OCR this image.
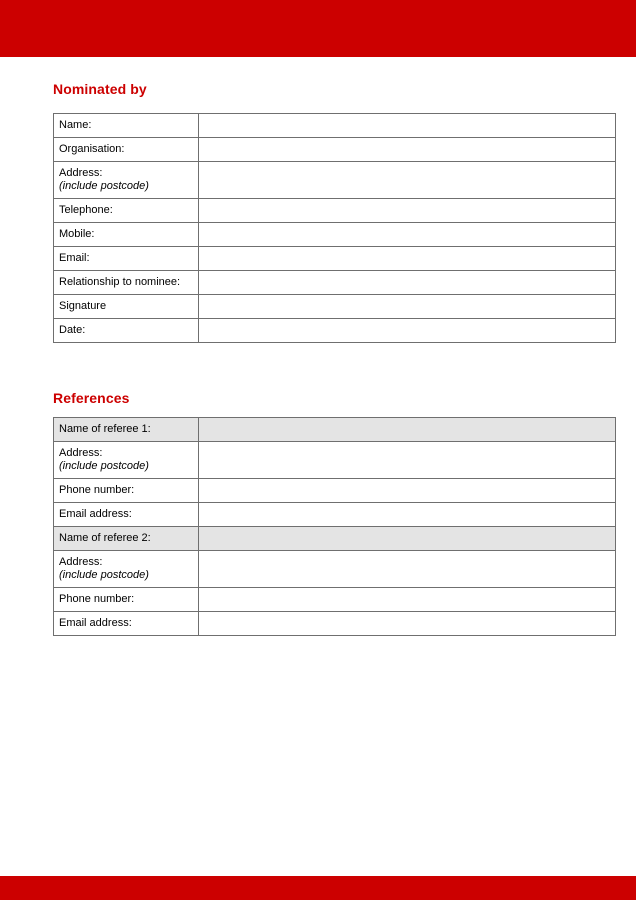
Nominated by
Name:	
Organisation:	
Address:
(include postcode)	

Telephone:	
Mobile:	
Email:	
Relationship to nominee:	
Signature	
Date:	
References
Name of referee 1:	
Address:
(include postcode)	

Phone number:	
Email address:	
Name of referee 2:	
Address:
(include postcode)	

Phone number:	
Email address:	
